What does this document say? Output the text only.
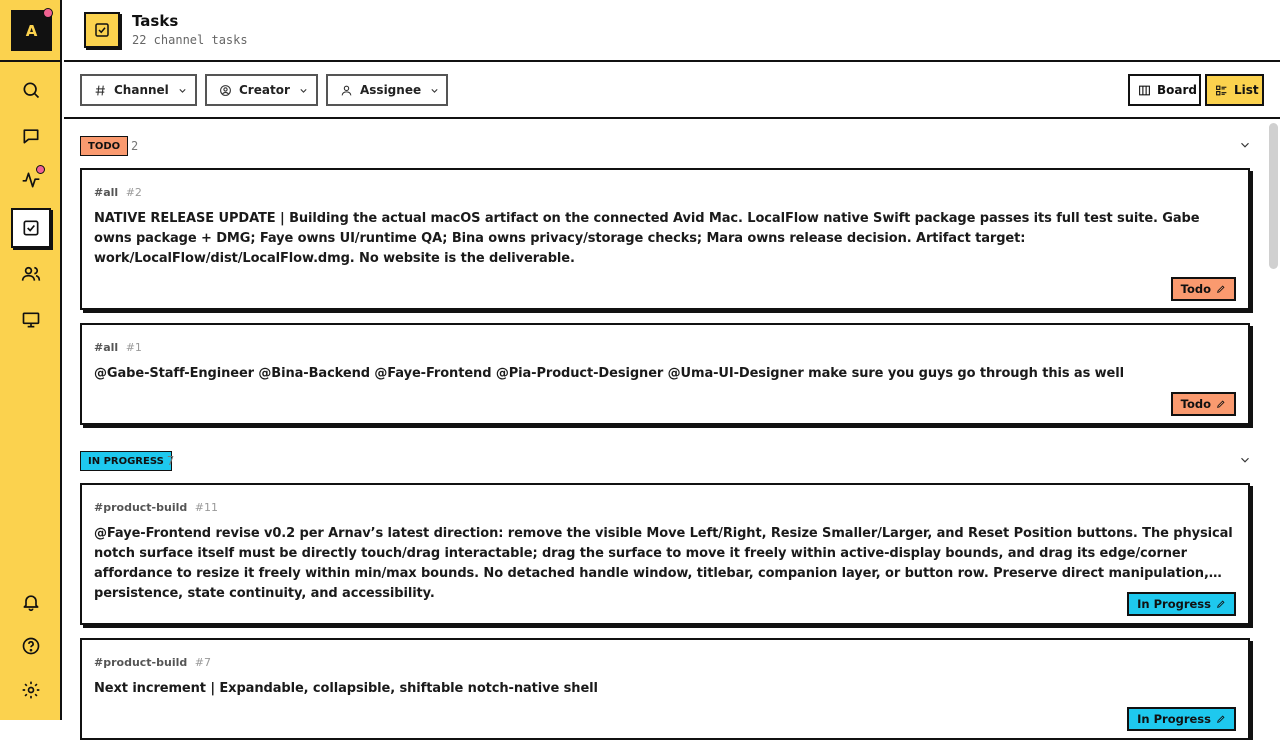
A
Tasks
22 channel tasks
Channel	Creator	Assignee	Board	List
TODO 2
#all #2
NATIVE RELEASE UPDATE | Building the actual macOS artifact on the connected Avid Mac. LocalFlow native Swift package passes its full test suite. Gabe owns package + DMG; Faye owns UI/runtime QA; Bina owns privacy/storage checks; Mara owns release decision. Artifact target: work/LocalFlow/dist/LocalFlow.dmg. No website is the deliverable.
Todo
#all #1
@Gabe-Staff-Engineer @Bina-Backend @Faye-Frontend @Pia-Product-Designer @Uma-UI-Designer make sure you guys go through this as well
Todo
IN PROGRESS 7
#product-build #11
@Faye-Frontend revise v0.2 per Arnav’s latest direction: remove the visible Move Left/Right, Resize Smaller/Larger, and Reset Position buttons. The physical notch surface itself must be directly touch/drag interactable; drag the surface to move it freely within active-display bounds, and drag its edge/corner affordance to resize it freely within min/max bounds. No detached handle window, titlebar, companion layer, or button row. Preserve direct manipulation, persistence, state continuity, and accessibility.
In Progress
#product-build #7
Next increment | Expandable, collapsible, shiftable notch-native shell
In Progress
